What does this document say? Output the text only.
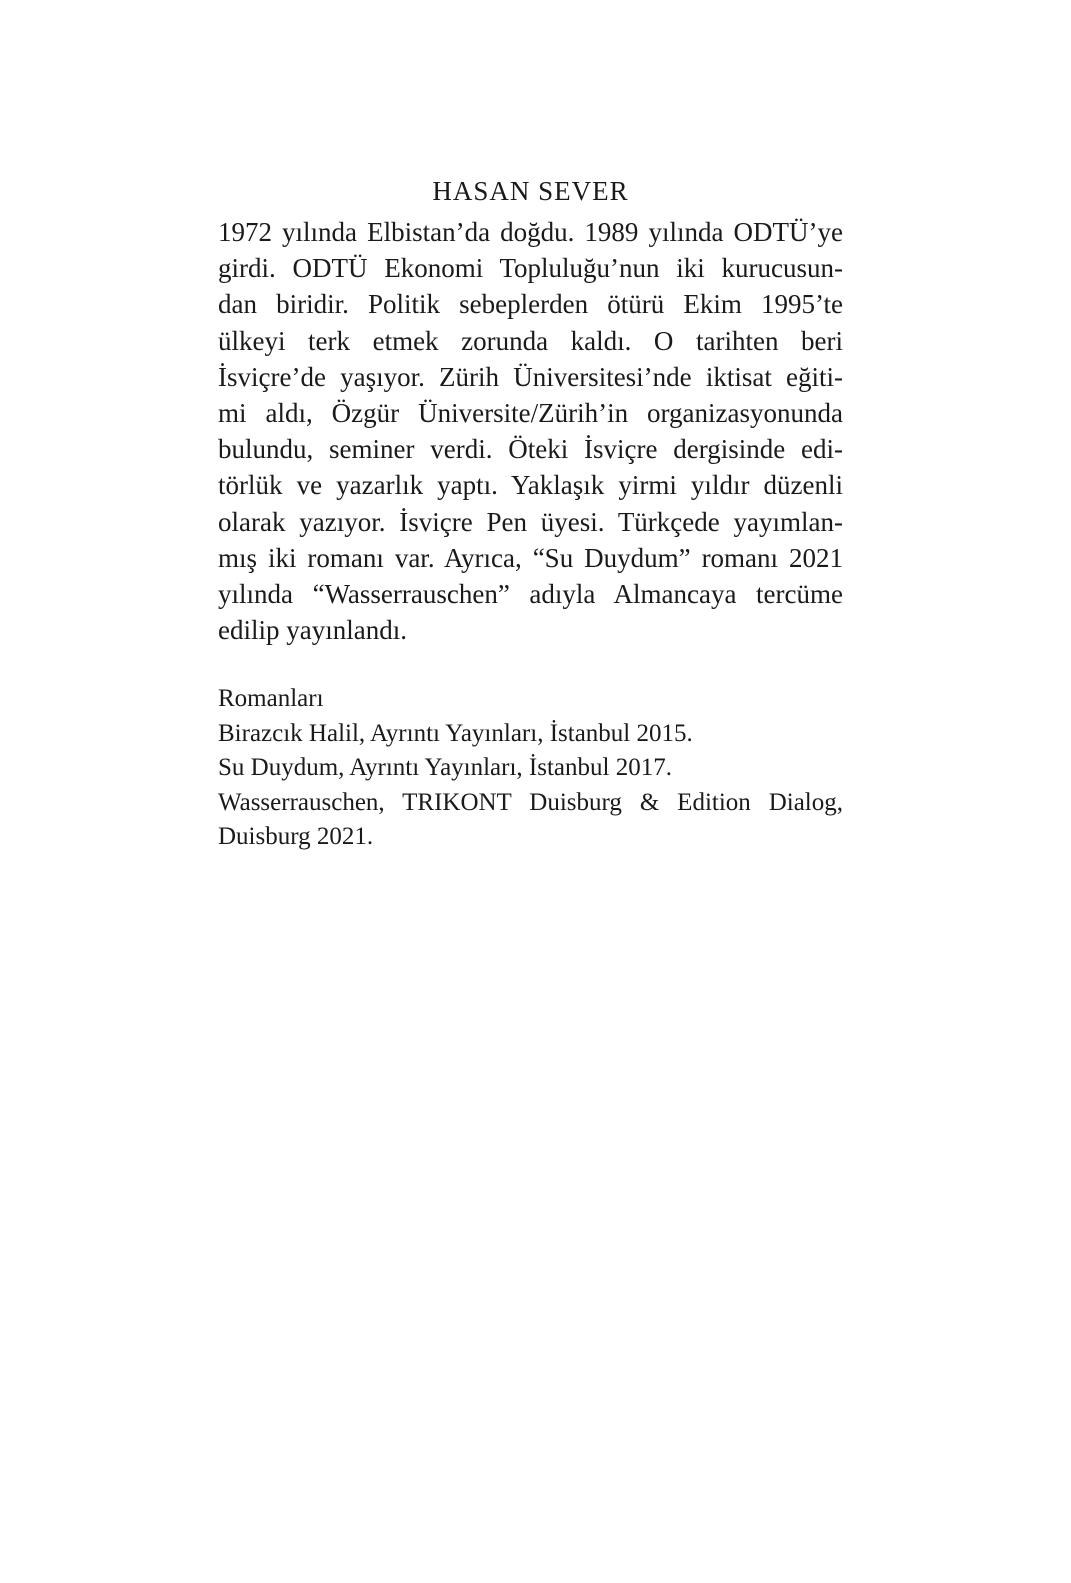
HASAN SEVER

1972 yılında Elbistan’da doğdu. 1989 yılında ODTÜ’ye
girdi. ODTÜ Ekonomi Topluluğu’nun iki kurucusun-
dan biridir. Politik sebeplerden ötürü Ekim 1995’te
ülkeyi terk etmek zorunda kaldı. O tarihten beri
İsviçre’de yaşıyor. Zürih Üniversitesi’nde iktisat eğiti-
mi aldı, Özgür Üniversite/Zürih’in organizasyonunda
bulundu, seminer verdi. Öteki İsviçre dergisinde edi-
törlük ve yazarlık yaptı. Yaklaşık yirmi yıldır düzenli
olarak yazıyor. İsviçre Pen üyesi. Türkçede yayımlan-
mış iki romanı var. Ayrıca, “Su Duydum” romanı 2021
yılında “Wasserrauschen” adıyla Almancaya tercüme
edilip yayınlandı.

Romanları
Birazcık Halil, Ayrıntı Yayınları, İstanbul 2015.
Su Duydum, Ayrıntı Yayınları, İstanbul 2017.
Wasserrauschen, TRIKONT Duisburg & Edition Dialog,
Duisburg 2021.
